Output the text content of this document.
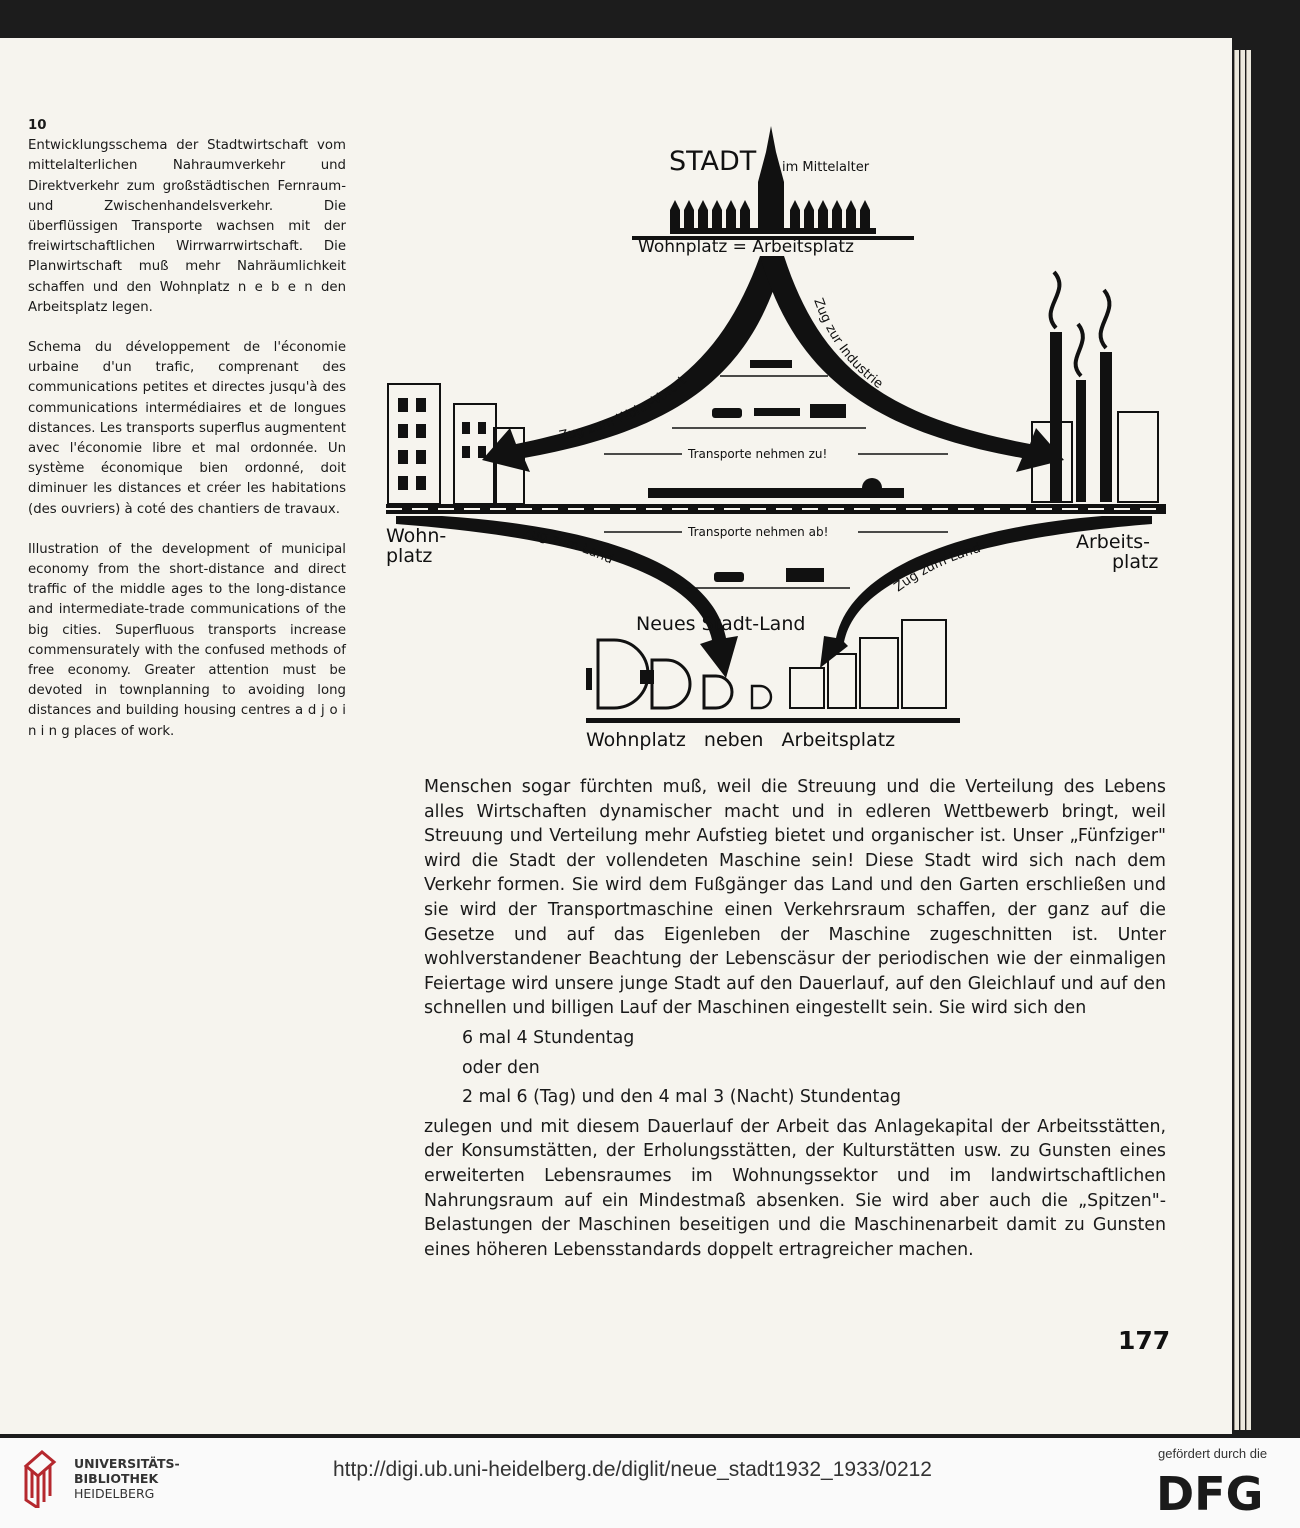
10

Entwicklungsschema der Stadtwirtschaft vom mittelalterlichen Nahraumverkehr und Direktverkehr zum großstädtischen Fernraum- und Zwischenhandelsverkehr. Die überflüssigen Transporte wachsen mit der freiwirtschaftlichen Wirrwarrwirtschaft. Die Planwirtschaft muß mehr Nahräumlichkeit schaffen und den Wohnplatz n e b e n den Arbeitsplatz legen.

Schema du développement de l'économie urbaine d'un trafic, comprenant des communications petites et directes jusqu'à des communications intermédiaires et de longues distances. Les transports superflus augmentent avec l'économie libre et mal ordonnée. Un système économique bien ordonné, doit diminuer les distances et créer les habitations (des ouvriers) à coté des chantiers de travaux.

Illustration of the development of municipal economy from the short-distance and direct traffic of the middle ages to the long-distance and intermediate-trade communications of the big cities. Superfluous transports increase commensurately with the confused methods of free economy. Greater attention must be devoted in townplanning to avoiding long distances and building housing centres a d j o i n i n g places of work.

STADT im Mittelalter
Wohnplatz = Arbeitsplatz
Zug zum Wohn-Vorort
Zug zur Industrie
Transporte nehmen zu!
Wohn-
platz
Arbeits-
platz
Transporte nehmen ab!
Zug zum Land
Zug zum Land
Neues Stadt-Land
Wohnplatz   neben   Arbeitsplatz

Menschen sogar fürchten muß, weil die Streuung und die Verteilung des Lebens alles Wirtschaften dynamischer macht und in edleren Wettbewerb bringt, weil Streuung und Verteilung mehr Aufstieg bietet und organischer ist. Unser „Fünfziger" wird die Stadt der vollendeten Maschine sein! Diese Stadt wird sich nach dem Verkehr formen. Sie wird dem Fußgänger das Land und den Garten erschließen und sie wird der Transportmaschine einen Verkehrsraum schaffen, der ganz auf die Gesetze und auf das Eigenleben der Maschine zugeschnitten ist. Unter wohlverstandener Beachtung der Lebenscäsur der periodischen wie der einmaligen Feiertage wird unsere junge Stadt auf den Dauerlauf, auf den Gleichlauf und auf den schnellen und billigen Lauf der Maschinen eingestellt sein. Sie wird sich den

6 mal 4 Stundentag

oder den

2 mal 6 (Tag) und den 4 mal 3 (Nacht) Stundentag

zulegen und mit diesem Dauerlauf der Arbeit das Anlagekapital der Arbeitsstätten, der Konsumstätten, der Erholungsstätten, der Kulturstätten usw. zu Gunsten eines erweiterten Lebensraumes im Wohnungssektor und im landwirtschaftlichen Nahrungsraum auf ein Mindestmaß absenken. Sie wird aber auch die „Spitzen"-Belastungen der Maschinen beseitigen und die Maschinenarbeit damit zu Gunsten eines höheren Lebensstandards doppelt ertragreicher machen.

177
UNIVERSITÄTS-
BIBLIOTHEK
HEIDELBERG
http://digi.ub.uni-heidelberg.de/diglit/neue_stadt1932_1933/0212
gefördert durch die
DFG
